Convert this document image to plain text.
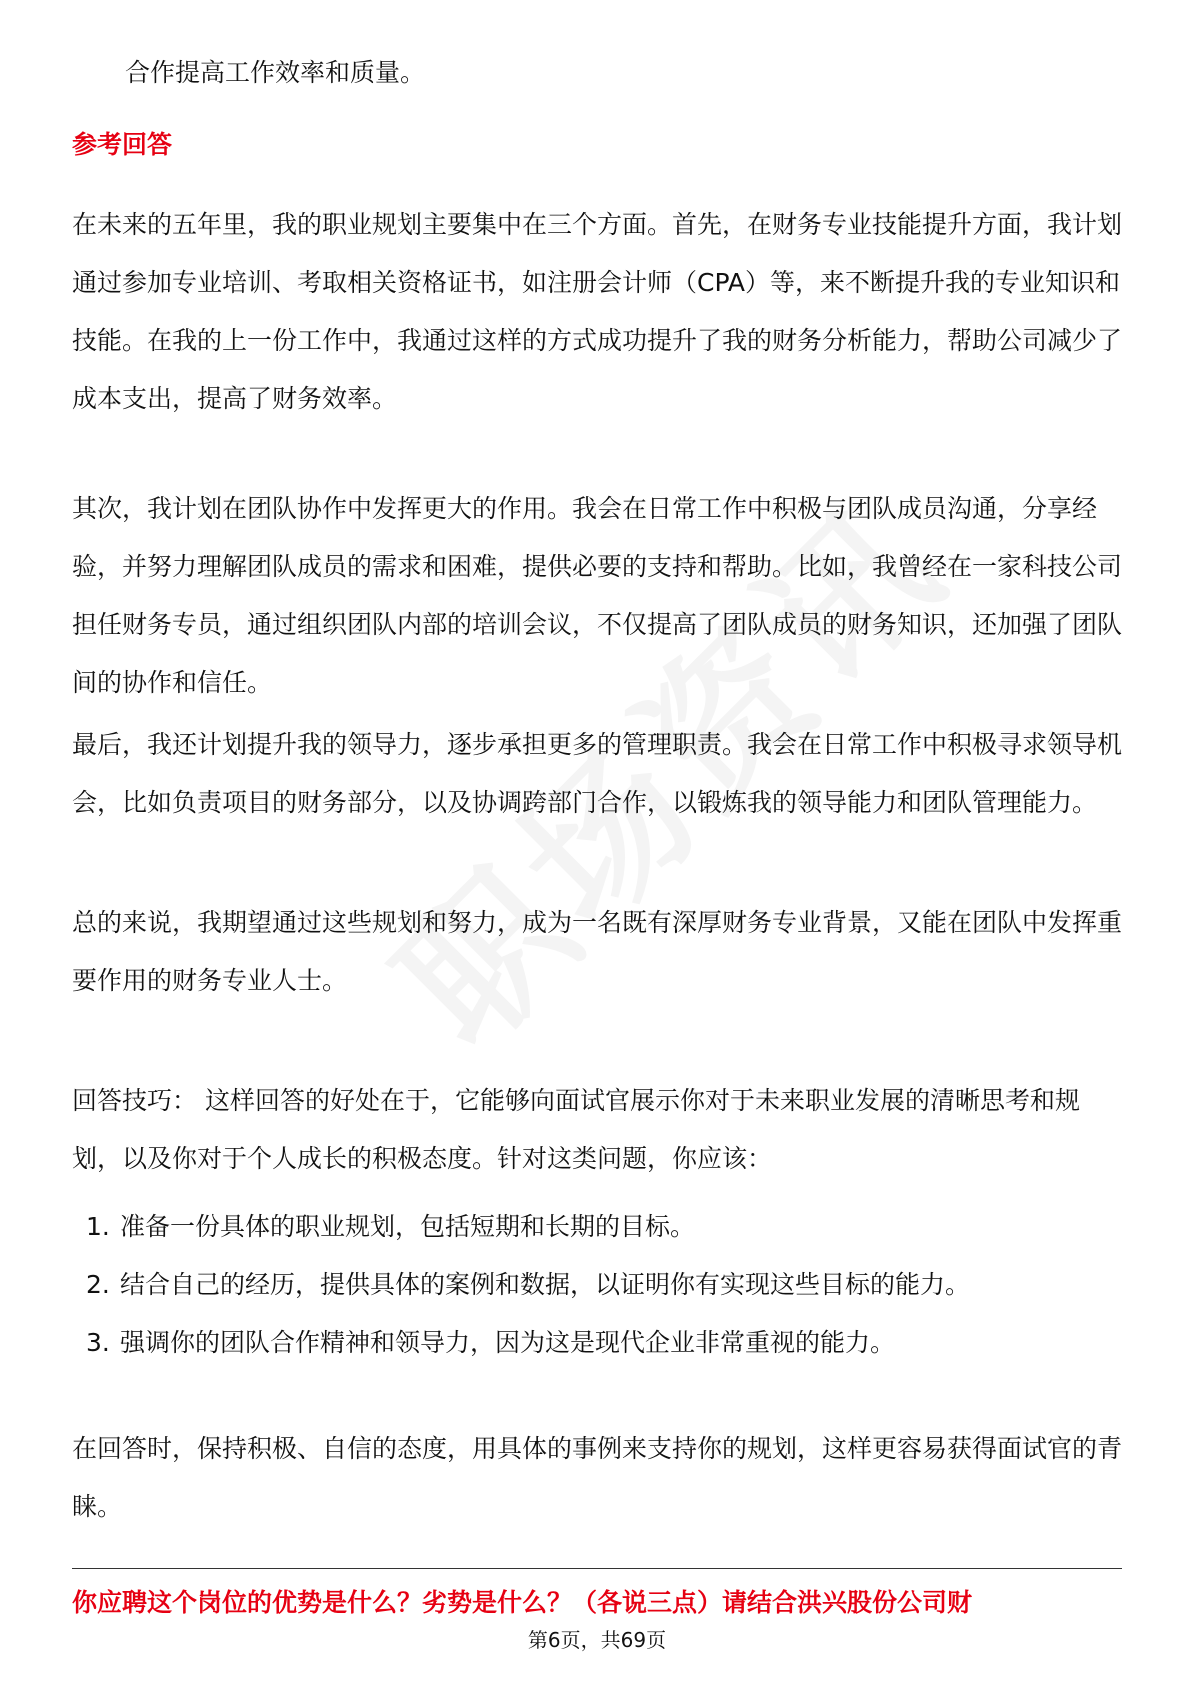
合作提高工作效率和质量。
参考回答

在未来的五年里，我的职业规划主要集中在三个方面。首先，在财务专业技能提升方面，我计划通过参加专业培训、考取相关资格证书，如注册会计师（CPA）等，来不断提升我的专业知识和技能。在我的上一份工作中，我通过这样的方式成功提升了我的财务分析能力，帮助公司减少了成本支出，提高了财务效率。

其次，我计划在团队协作中发挥更大的作用。我会在日常工作中积极与团队成员沟通，分享经验，并努力理解团队成员的需求和困难，提供必要的支持和帮助。比如，我曾经在一家科技公司担任财务专员，通过组织团队内部的培训会议，不仅提高了团队成员的财务知识，还加强了团队间的协作和信任。

最后，我还计划提升我的领导力，逐步承担更多的管理职责。我会在日常工作中积极寻求领导机会，比如负责项目的财务部分，以及协调跨部门合作，以锻炼我的领导能力和团队管理能力。

总的来说，我期望通过这些规划和努力，成为一名既有深厚财务专业背景，又能在团队中发挥重要作用的财务专业人士。

回答技巧： 这样回答的好处在于，它能够向面试官展示你对于未来职业发展的清晰思考和规划，以及你对于个人成长的积极态度。针对这类问题，你应该：

1. 准备一份具体的职业规划，包括短期和长期的目标。
2. 结合自己的经历，提供具体的案例和数据，以证明你有实现这些目标的能力。
3. 强调你的团队合作精神和领导力，因为这是现代企业非常重视的能力。

在回答时，保持积极、自信的态度，用具体的事例来支持你的规划，这样更容易获得面试官的青睐。

你应聘这个岗位的优势是什么？劣势是什么？（各说三点）请结合洪兴股份公司财
第6页，共69页
